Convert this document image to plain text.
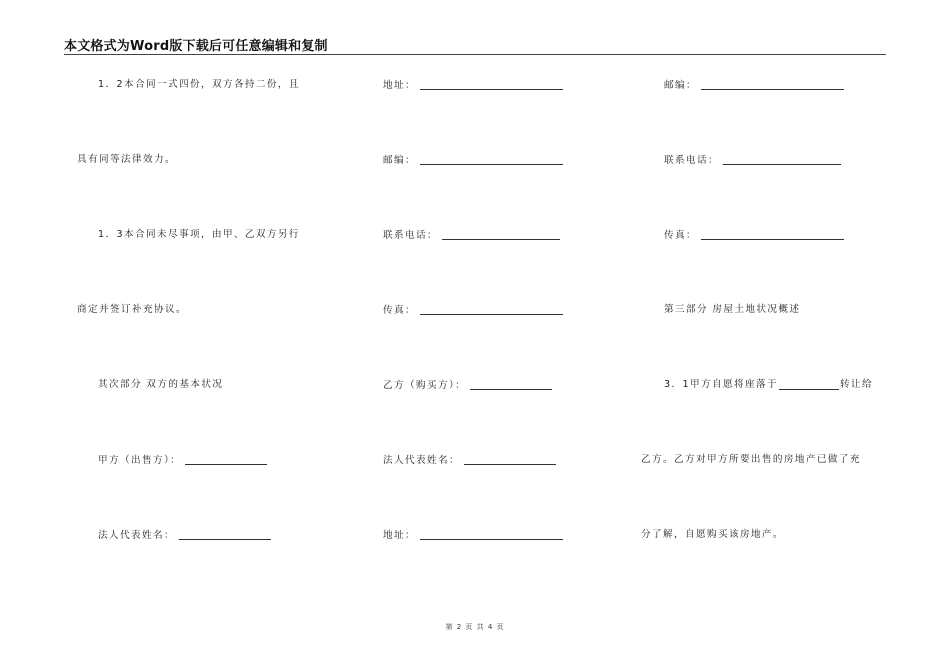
本文格式为Word版下载后可任意编辑和复制
1．2本合同一式四份，双方各持二份，且
具有同等法律效力。
1．3本合同未尽事项，由甲、乙双方另行
商定并签订补充协议。
其次部分 双方的基本状况
甲方（出售方）：
法人代表姓名：
地址：
邮编：
联系电话：
传真：
乙方（购买方）：
法人代表姓名：
地址：
邮编：
联系电话：
传真：
第三部分 房屋土地状况概述
3．1甲方自愿将座落于	转让给
乙方。乙方对甲方所要出售的房地产已做了充
分了解，自愿购买该房地产。
第 2 页 共 4 页
